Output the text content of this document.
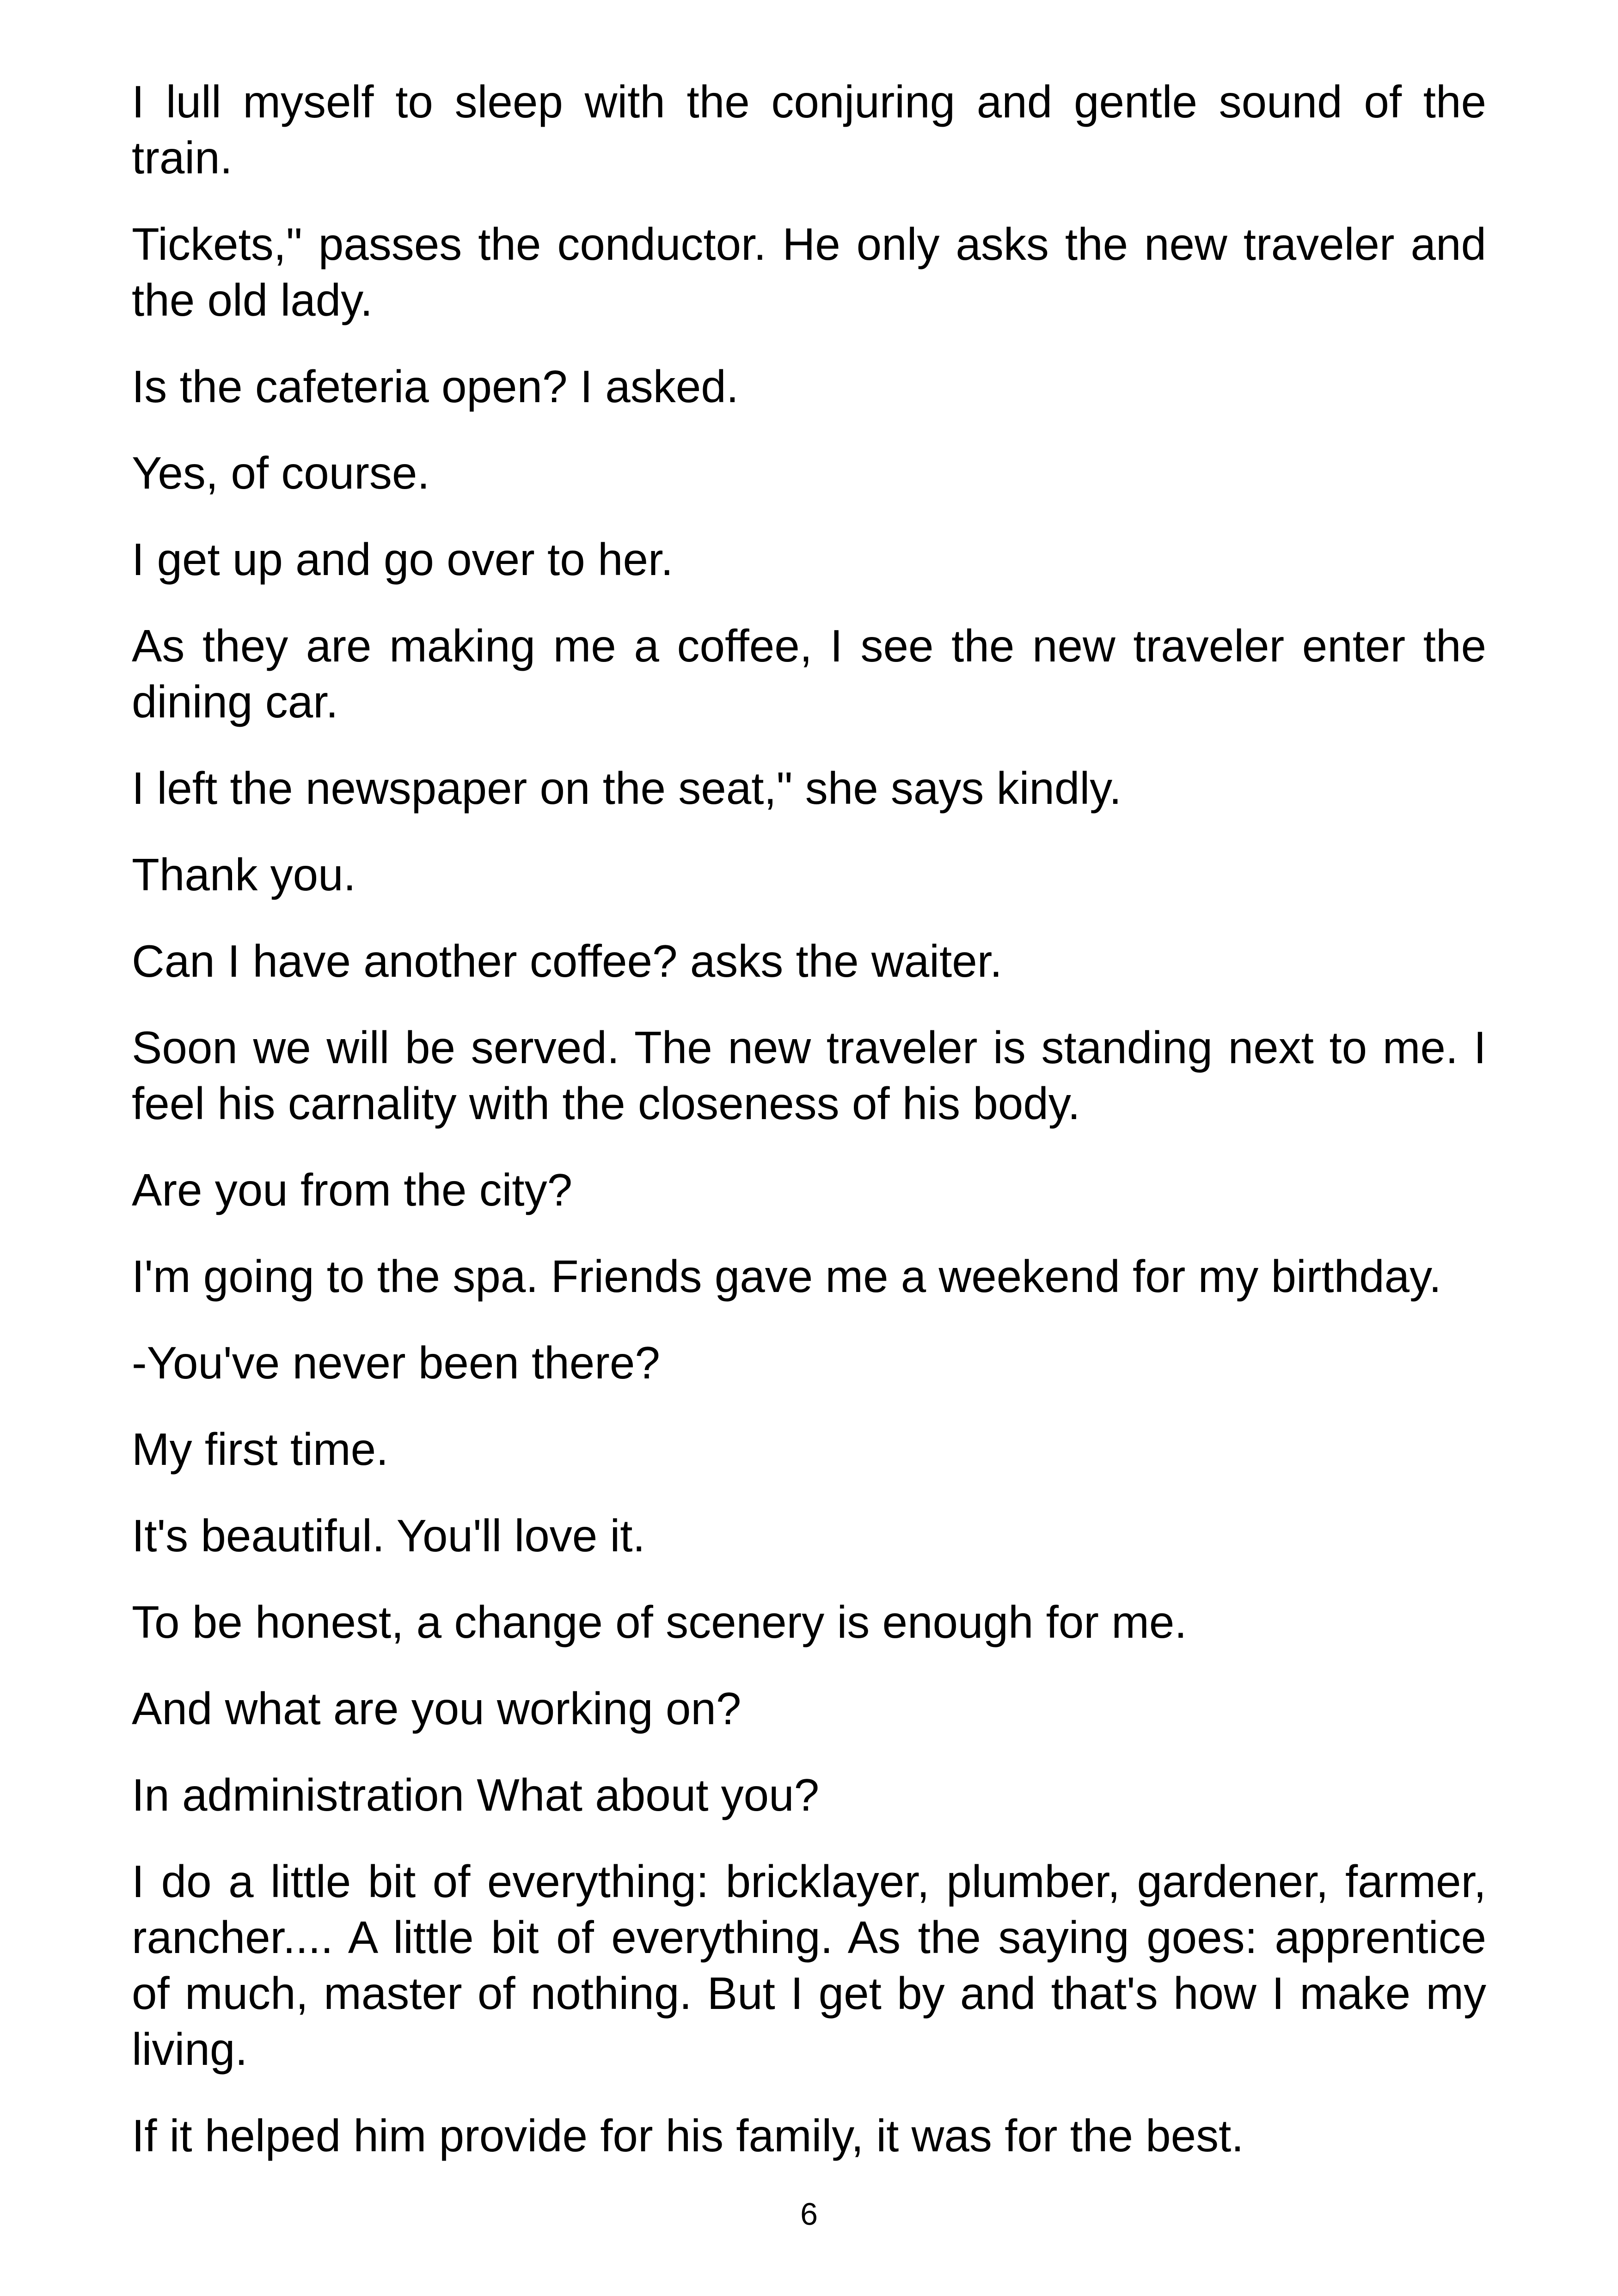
I lull myself to sleep with the conjuring and gentle sound of the train.

Tickets," passes the conductor. He only asks the new traveler and the old lady.

Is the cafeteria open? I asked.

Yes, of course.

I get up and go over to her.

As they are making me a coffee, I see the new traveler enter the dining car.

I left the newspaper on the seat," she says kindly.

Thank you.

Can I have another coffee? asks the waiter.

Soon we will be served. The new traveler is standing next to me. I feel his carnality with the closeness of his body.

Are you from the city?

I'm going to the spa. Friends gave me a weekend for my birthday.

-You've never been there?

My first time.

It's beautiful. You'll love it.

To be honest, a change of scenery is enough for me.

And what are you working on?

In administration What about you?

I do a little bit of everything: bricklayer, plumber, gardener, farmer, rancher.... A little bit of everything. As the saying goes: apprentice of much, master of nothing. But I get by and that's how I make my living.

If it helped him provide for his family, it was for the best.

6
